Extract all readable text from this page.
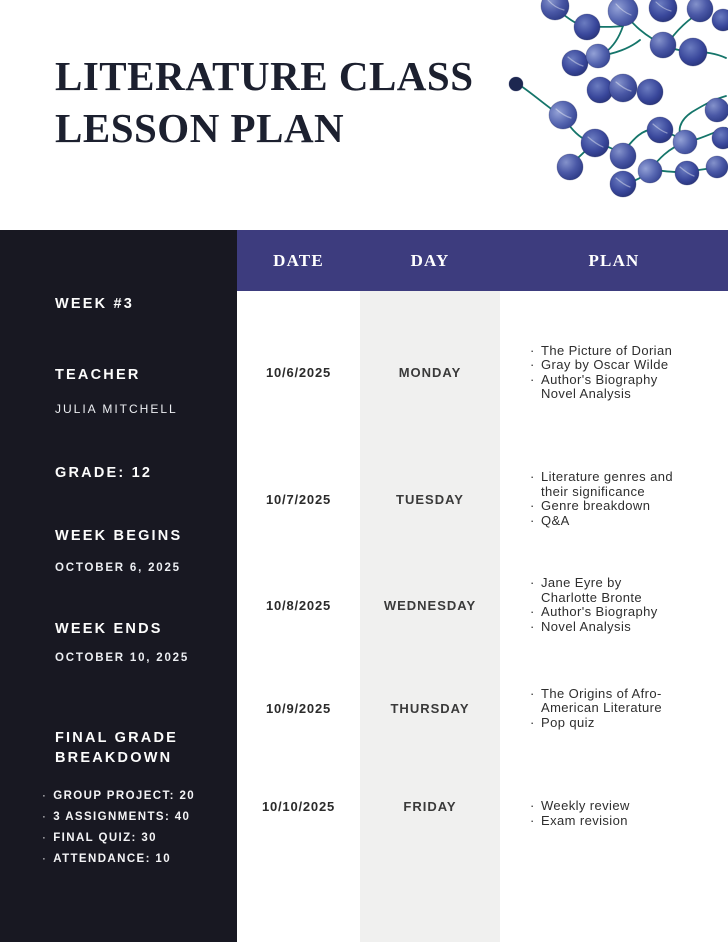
LITERATURE CLASS
LESSON PLAN
WEEK #3
TEACHER
JULIA MITCHELL
GRADE: 12
WEEK BEGINS
OCTOBER 6, 2025
WEEK ENDS
OCTOBER 10, 2025
FINAL GRADE BREAKDOWN
· GROUP PROJECT: 20
· 3 ASSIGNMENTS: 40
· FINAL QUIZ: 30
· ATTENDANCE: 10
DATE	DAY	PLAN
10/6/2025	MONDAY
· The Picture of Dorian
· Gray by Oscar Wilde
· Author's Biography
Novel Analysis
10/7/2025	TUESDAY
· Literature genres and
their significance
· Genre breakdown
· Q&A
10/8/2025	WEDNESDAY
· Jane Eyre by
Charlotte Bronte
· Author's Biography
· Novel Analysis
10/9/2025	THURSDAY
· The Origins of Afro-
American Literature
· Pop quiz
10/10/2025	FRIDAY	· Weekly review
· Exam revision
